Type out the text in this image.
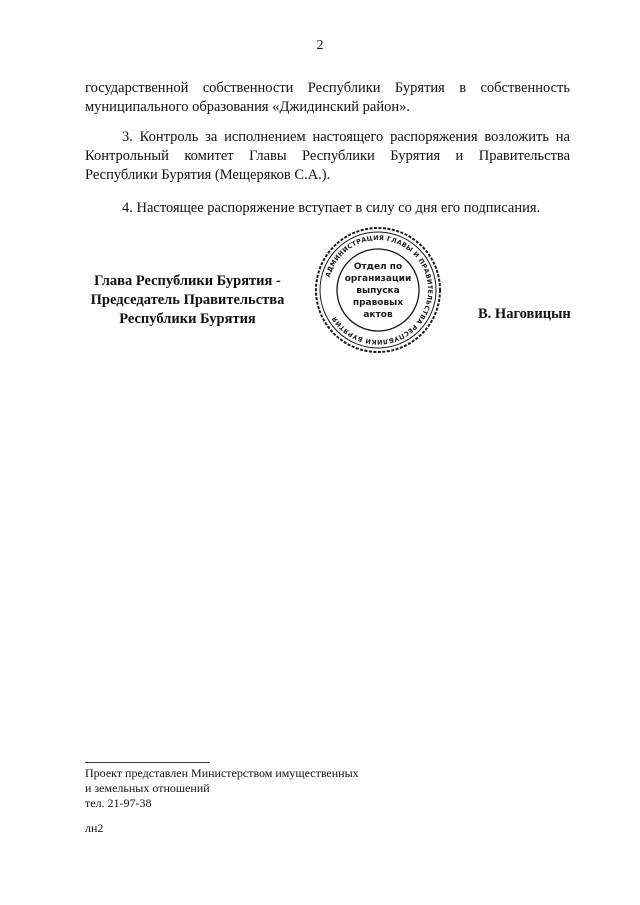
2

государственной собственности Республики Бурятия в собственность муниципального образования «Джидинский район».

3. Контроль за исполнением настоящего распоряжения возложить на Контрольный комитет Главы Республики Бурятия и Правительства Республики Бурятия (Мещеряков С.А.).

4. Настоящее распоряжение вступает в силу со дня его подписания.

Глава Республики Бурятия -
Председатель Правительства
Республики Бурятия
АДМИНИСТРАЦИЯ ГЛАВЫ И ПРАВИТЕЛЬСТВА РЕСПУБЛИКИ БУРЯТИЯ
Отдел по
организации
выпуска
правовых
актов	В. Наговицын
Проект представлен Министерством имущественных
и земельных отношений
тел. 21-97-38
лн2
